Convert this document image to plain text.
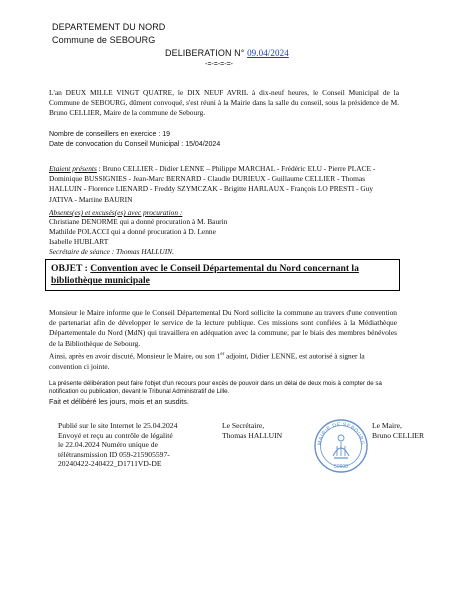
DEPARTEMENT DU NORD
Commune de SEBOURG
DELIBERATION N° 09.04/2024
-=-=-=-=-
L'an DEUX MILLE VINGT QUATRE, le DIX NEUF AVRIL à dix-neuf heures, le Conseil Municipal de la Commune de SEBOURG, dûment convoqué, s'est réuni à la Mairie dans la salle du conseil, sous la présidence de M. Bruno CELLIER, Maire de la commune de Sebourg.
Nombre de conseillers en exercice : 19
Date de convocation du Conseil Municipal : 15/04/2024
Etaient présents : Bruno CELLIER - Didier LENNE – Philippe MARCHAL - Frédéric ELU - Pierre PLACE - Dominique BUSSIGNIES - Jean-Marc BERNARD - Claudie DURIEUX - Guillaume CELLIER - Thomas HALLUIN - Florence LIENARD - Freddy SZYMCZAK - Brigitte HARLAUX - François LO PRESTI - Guy JATIVA - Martine BAURIN
Absents(es) et excusés(es) avec procuration :
Christiane DENORME qui a donné procuration à M. Baurin
Mathilde POLACCI qui a donné procuration à D. Lenne
Isabelle HUBLART
Secrétaire de séance : Thomas HALLUIN.
OBJET : Convention avec le Conseil Départemental du Nord concernant la bibliothèque municipale
Monsieur le Maire informe que le Conseil Départemental Du Nord sollicite la commune au travers d'une convention de partenariat afin de développer le service de la lecture publique. Ces missions sont confiées à la Médiathèque Départementale du Nord (MdN) qui travaillera en adéquation avec la commune, par le biais des membres bénévoles de la Bibliothèque de Sebourg.
Ainsi, après en avoir discuté, Monsieur le Maire, ou son 1er adjoint, Didier LENNE, est autorisé à signer la convention ci jointe.
La présente délibération peut faire l'objet d'un recours pour excès de pouvoir dans un délai de deux mois à compter de sa notification ou publication, devant le Tribunal Administratif de Lille.
Fait et délibéré les jours, mois et an susdits.
Publié sur le site Internet le 25.04.2024
Envoyé et reçu au contrôle de légalité
le 22.04.2024 Numéro unique de
télétransmission ID 059-215905597-
20240422-240422_D1711VD-DE
Le Secrétaire,
Thomas HALLUIN
MAIRIE DE SEBOURG
59990
Le Maire,
Bruno CELLIER
